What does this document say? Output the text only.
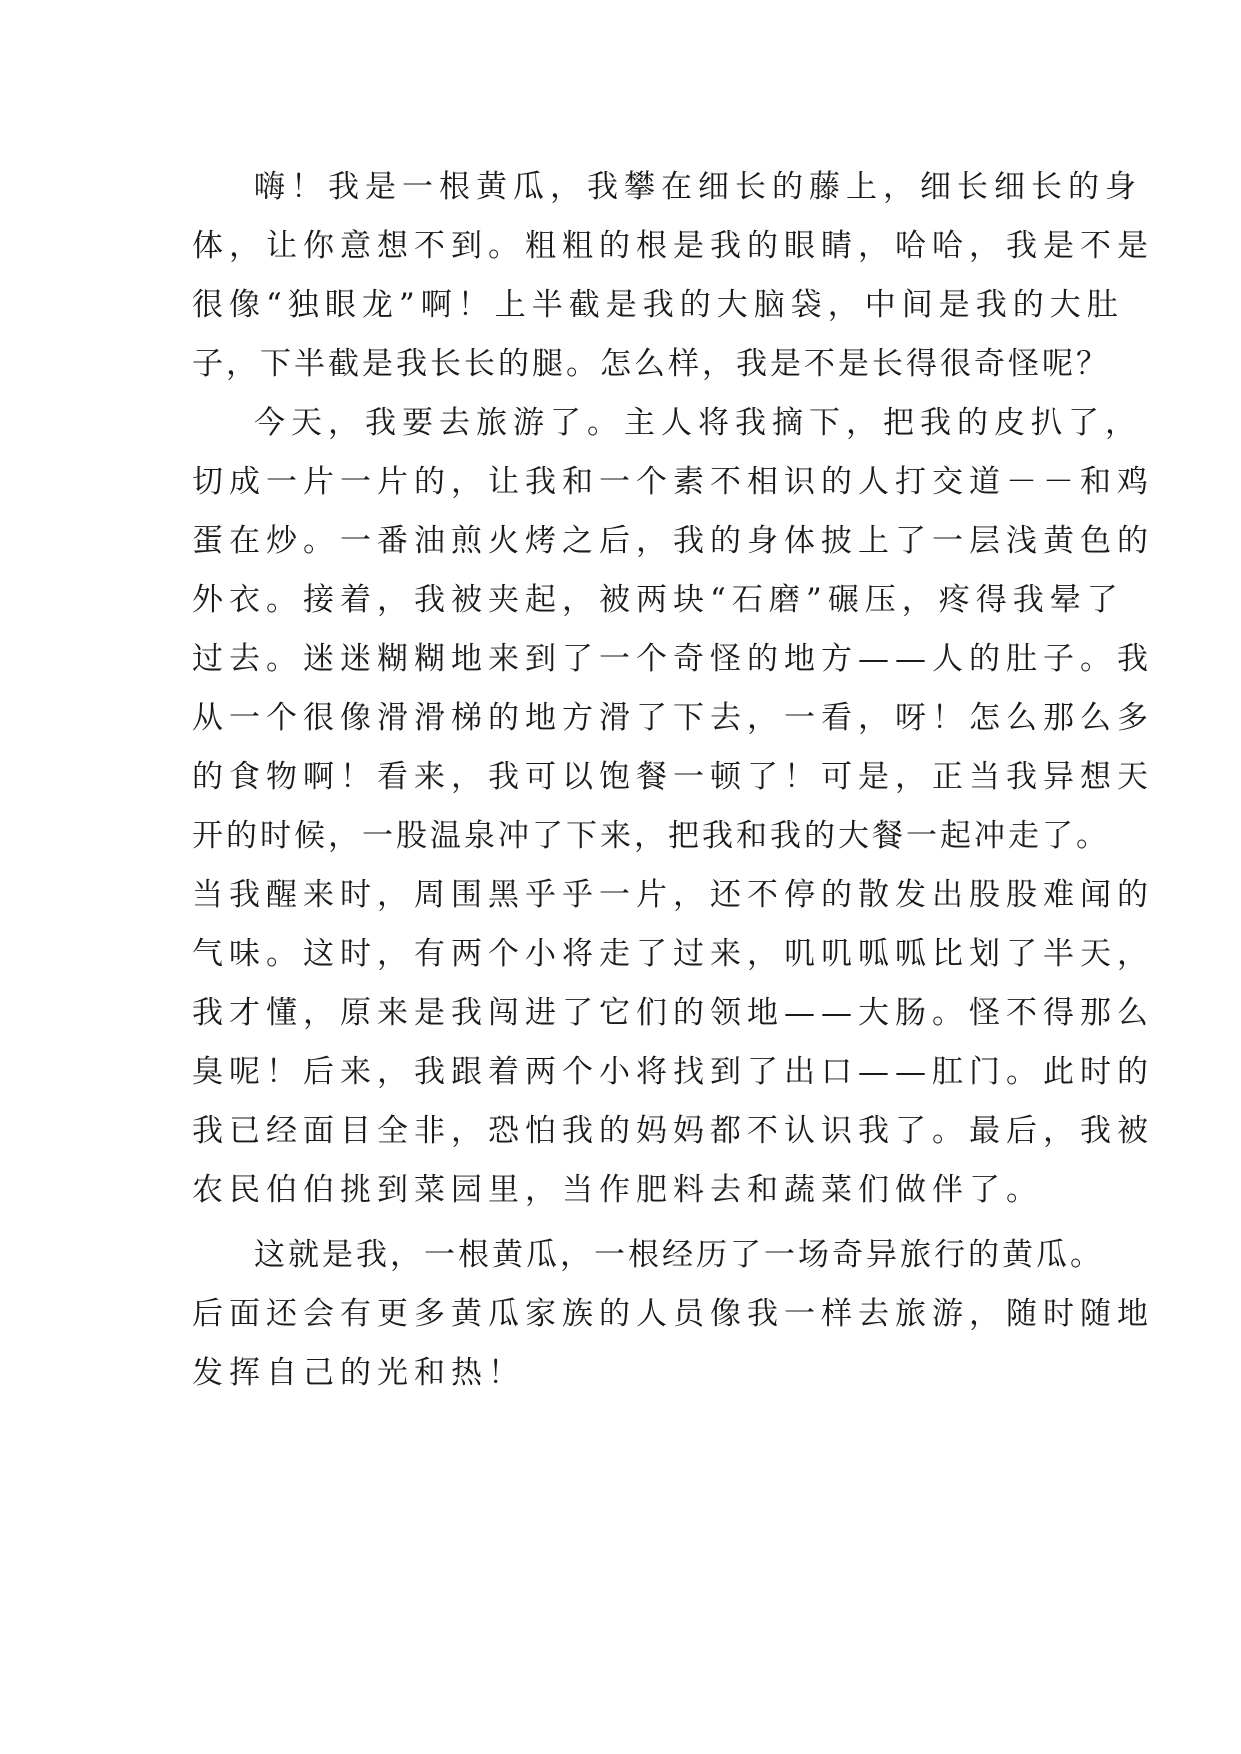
嗨！我是一根黄瓜，我攀在细长的藤上，细长细长的身
体，让你意想不到。粗粗的根是我的眼睛，哈哈，我是不是
很像“独眼龙”啊！上半截是我的大脑袋，中间是我的大肚
子，下半截是我长长的腿。怎么样，我是不是长得很奇怪呢？
今天，我要去旅游了。主人将我摘下，把我的皮扒了，
切成一片一片的，让我和一个素不相识的人打交道－－和鸡
蛋在炒。一番油煎火烤之后，我的身体披上了一层浅黄色的
外衣。接着，我被夹起，被两块“石磨”碾压，疼得我晕了
过去。迷迷糊糊地来到了一个奇怪的地方——人的肚子。我
从一个很像滑滑梯的地方滑了下去，一看，呀！怎么那么多
的食物啊！看来，我可以饱餐一顿了！可是，正当我异想天
开的时候，一股温泉冲了下来，把我和我的大餐一起冲走了。
当我醒来时，周围黑乎乎一片，还不停的散发出股股难闻的
气味。这时，有两个小将走了过来，叽叽呱呱比划了半天，
我才懂，原来是我闯进了它们的领地——大肠。怪不得那么
臭呢！后来，我跟着两个小将找到了出口——肛门。此时的
我已经面目全非，恐怕我的妈妈都不认识我了。最后，我被
农民伯伯挑到菜园里，当作肥料去和蔬菜们做伴了。
这就是我，一根黄瓜，一根经历了一场奇异旅行的黄瓜。
后面还会有更多黄瓜家族的人员像我一样去旅游，随时随地
发挥自己的光和热！
